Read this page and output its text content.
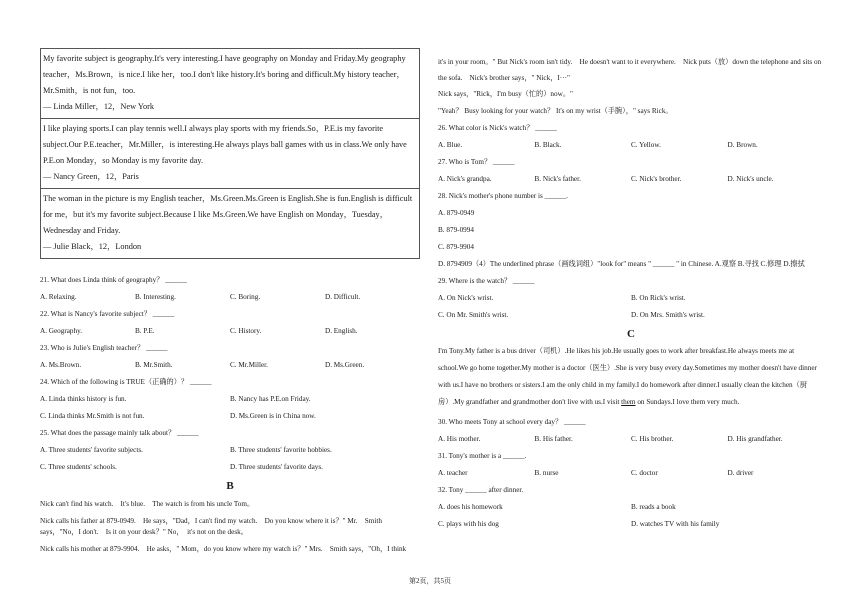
My favorite subject is geography.It's very interesting.I have geography on Monday and Friday.My geography teacher，Ms.Brown，is nice.I like her，too.I don't like history.It's boring and difficult.My history teacher，Mr.Smith，is not fun，too.
— Linda Miller，12，New York
I like playing sports.I can play tennis well.I always play sports with my friends.So，P.E.is my favorite subject.Our P.E.teacher，Mr.Miller，is interesting.He always plays ball games with us in class.We only have P.E.on Monday，so Monday is my favorite day.
— Nancy Green，12，Paris
The woman in the picture is my English teacher，Ms.Green.Ms.Green is English.She is fun.English is difficult for me，but it's my favorite subject.Because I like Ms.Green.We have English on Monday，Tuesday，Wednesday and Friday.
— Julie Black，12，London
21. What does Linda think of geography？ ______
A. Relaxing.	B. Interesting.	C. Boring.	D. Difficult.
22. What is Nancy's favorite subject？ ______
A. Geography.	B. P.E.	C. History.	D. English.
23. Who is Julie's English teacher？ ______
A. Ms.Brown.	B. Mr.Smith.	C. Mr.Miller.	D. Ms.Green.
24. Which of the following is TRUE（正确的）？ ______
A. Linda thinks history is fun.	B. Nancy has P.E.on Friday.
C. Linda thinks Mr.Smith is not fun.	D. Ms.Green is in China now.
25. What does the passage mainly talk about？ ______
A. Three students' favorite subjects.	B. Three students' favorite hobbies.
C. Three students' schools.	D. Three students' favorite days.
B
Nick can't find his watch.　It's blue.　The watch is from his uncle Tom。
Nick calls his father at 879-0949.　He says，"Dad，I can't find my watch.　Do you know where it is？" Mr.　Smith says，"No，I don't.　Is it on your desk？" No，　it's not on the desk。
Nick calls his mother at 879-9904.　He asks，" Mom，do you know where my watch is？" Mrs.　Smith says，"Oh，I think
it's in your room。" But Nick's room isn't tidy.　He doesn't want to it everywhere.　Nick puts（放）down the telephone and sits on the sofa.　Nick's brother says，" Nick，I···"
Nick says，"Rick，I'm busy（忙的）now。"
"Yeah？ Busy looking for your watch？ It's on my wrist（手腕），" says Rick。
26. What color is Nick's watch？ ______
A. Blue.	B. Black.	C. Yellow.	D. Brown.
27. Who is Tom？ ______
A. Nick's grandpa.	B. Nick's father.	C. Nick's brother.	D. Nick's uncle.
28. Nick's mother's phone number is ______.
A. 879-0949
B. 879-0994
C. 879-9904
D. 8794909（4）The underlined phrase（画线词组）"look for" means " ______ " in Chinese. A.观察 B.寻找 C.修理 D.擦拭
29. Where is the watch？ ______
A. On Nick's wrist.	B. On Rick's wrist.
C. On Mr. Smith's wrist.	D. On Mrs. Smith's wrist.
C
I'm Tony.My father is a bus driver（司机）.He likes his job.He usually goes to work after breakfast.He always meets me at school.We go home together.My mother is a doctor（医生）.She is very busy every day.Sometimes my mother doesn't have dinner with us.I have no brothers or sisters.I am the only child in my family.I do homework after dinner.I usually clean the kitchen（厨房）.My grandfather and grandmother don't live with us.I visit them on Sundays.I love them very much.
30. Who meets Tony at school every day？ ______
A. His mother.	B. His father.	C. His brother.	D. His grandfather.
31. Tony's mother is a ______.
A. teacher	B. nurse	C. doctor	D. driver
32. Tony ______ after dinner.
A. does his homework	B. reads a book
C. plays with his dog	D. watches TV with his family
第2页，共5页
